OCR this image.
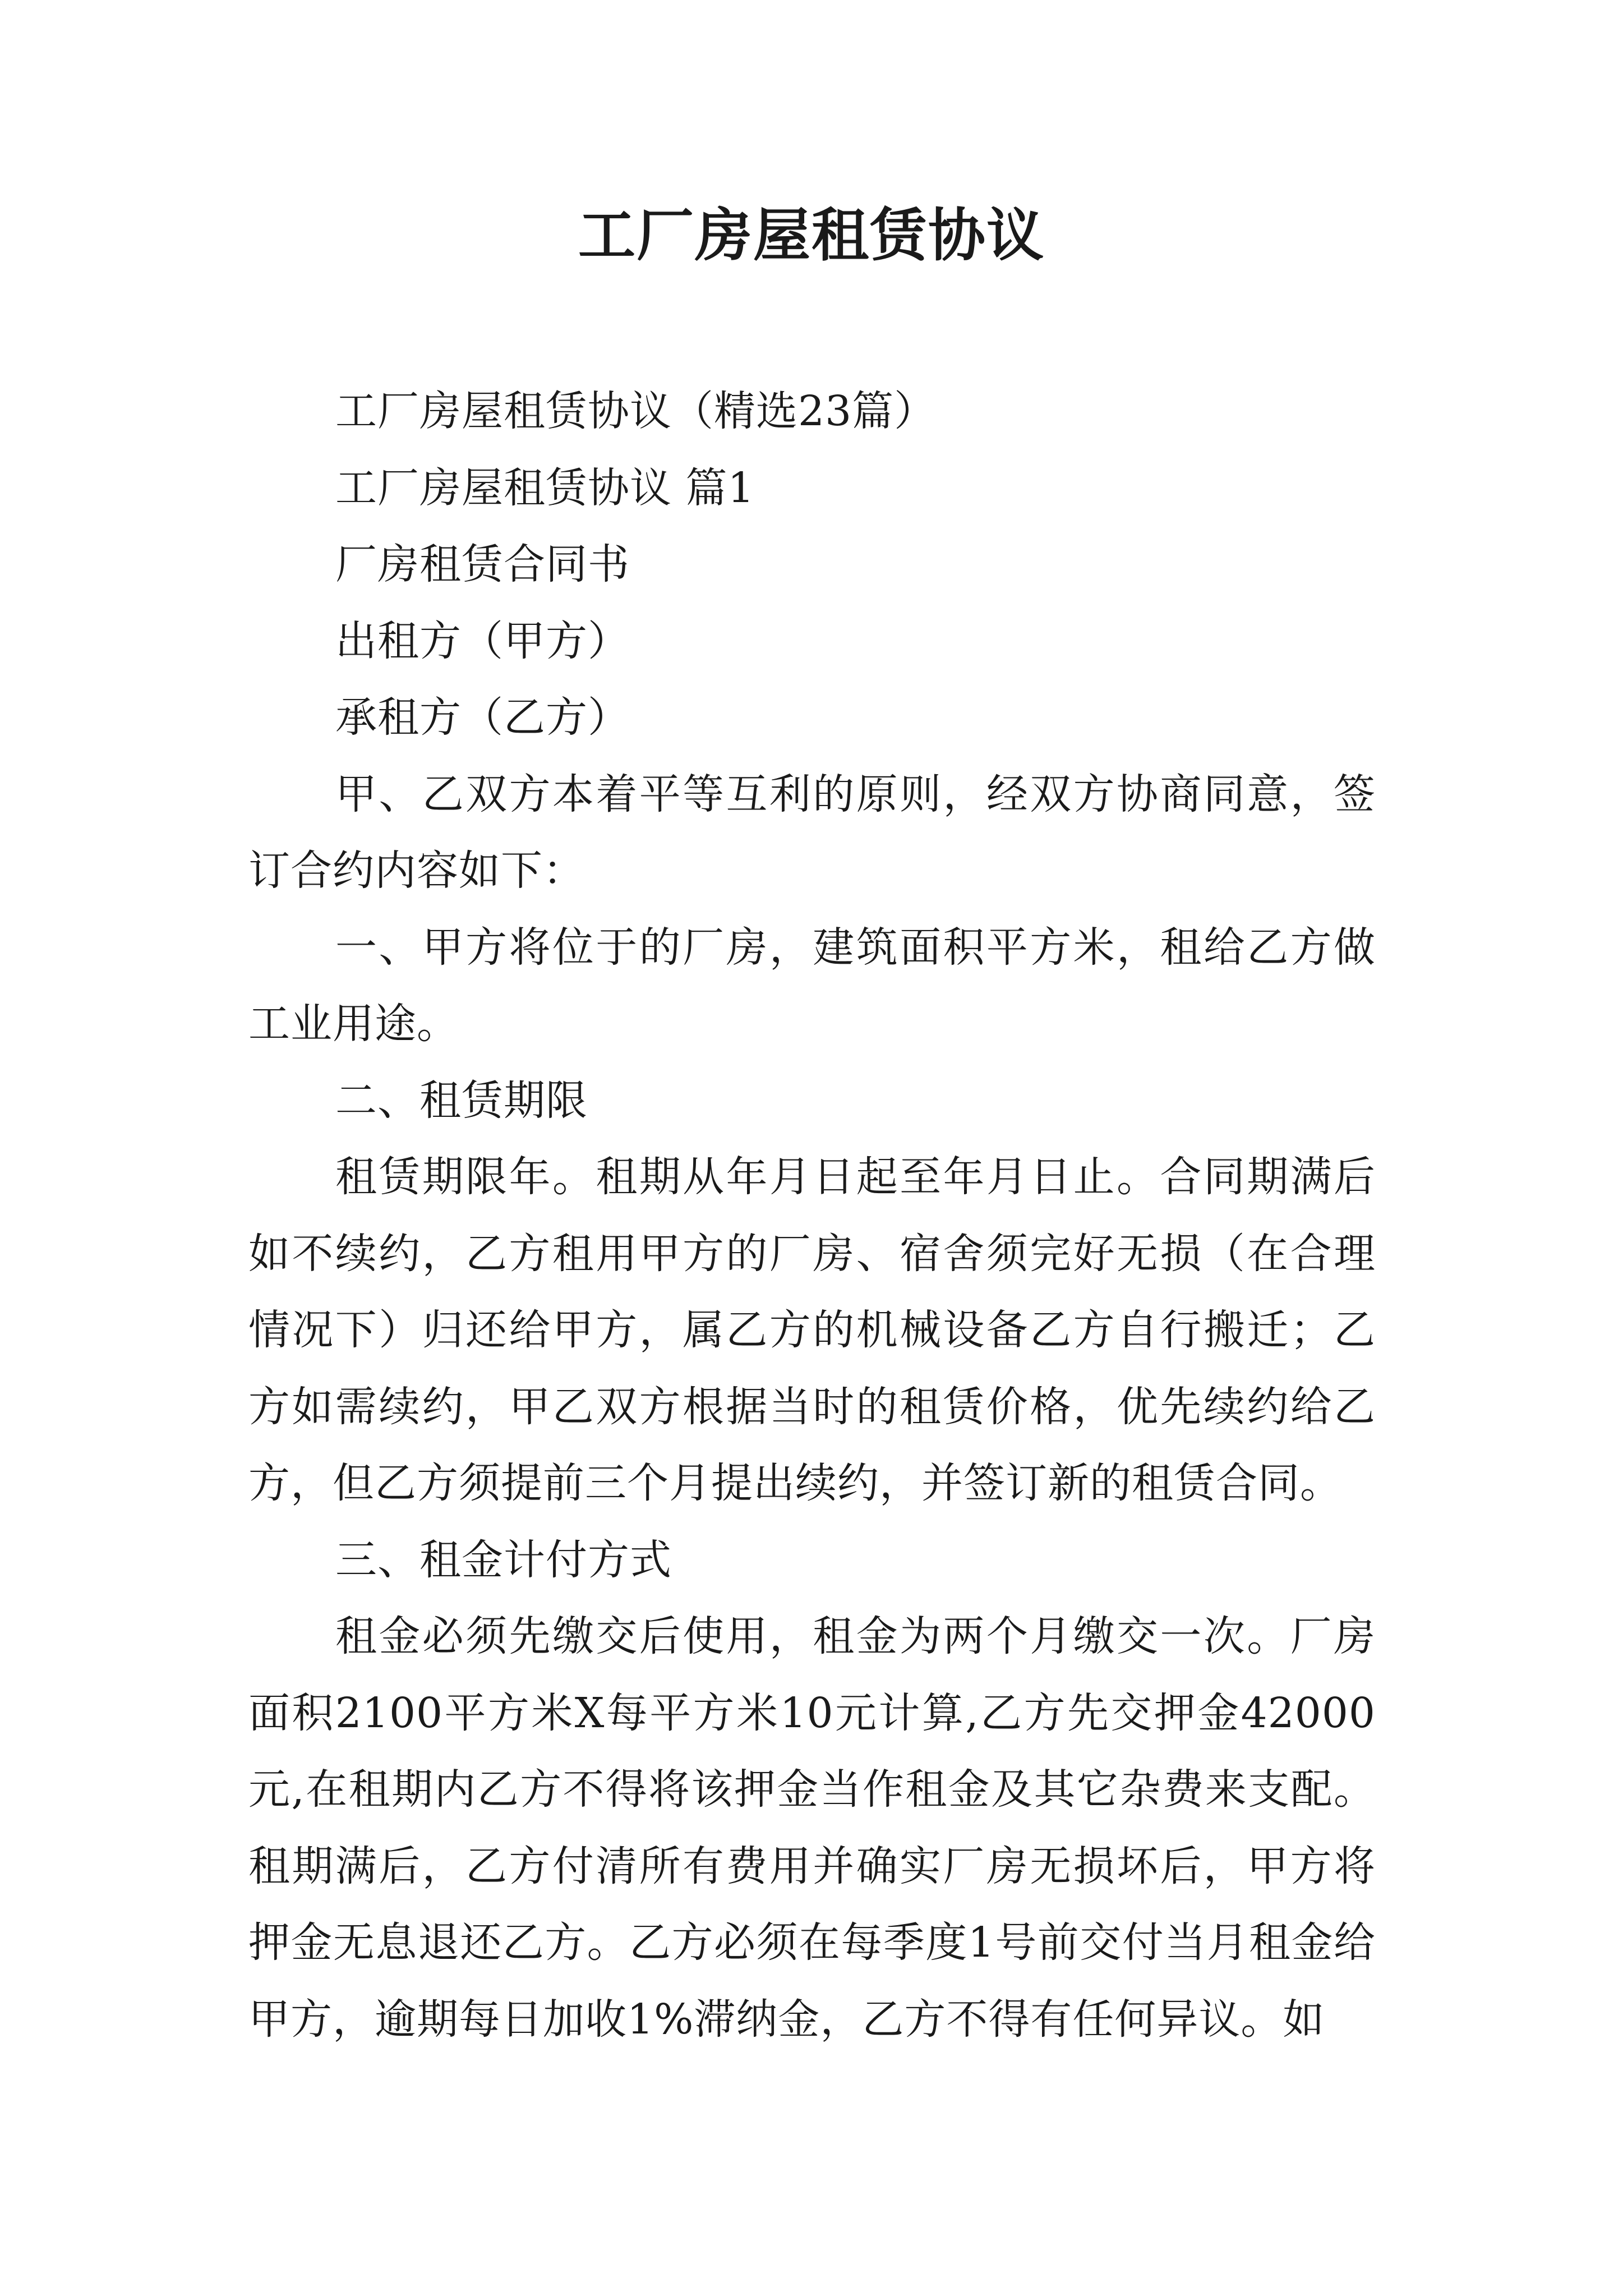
工厂房屋租赁协议

工厂房屋租赁协议（精选23篇）

工厂房屋租赁协议 篇1

厂房租赁合同书

出租方（甲方）

承租方（乙方）

甲、乙双方本着平等互利的原则，经双方协商同意，签订合约内容如下：

一、甲方将位于的厂房，建筑面积平方米，租给乙方做工业用途。

二、租赁期限

租赁期限年。租期从年月日起至年月日止。合同期满后如不续约，乙方租用甲方的厂房、宿舍须完好无损（在合理情况下）归还给甲方，属乙方的机械设备乙方自行搬迁；乙方如需续约，甲乙双方根据当时的租赁价格，优先续约给乙方，但乙方须提前三个月提出续约，并签订新的租赁合同。

三、租金计付方式

租金必须先缴交后使用，租金为两个月缴交一次。厂房面积2100平方米X每平方米10元计算,乙方先交押金42000元,在租期内乙方不得将该押金当作租金及其它杂费来支配。租期满后，乙方付清所有费用并确实厂房无损坏后，甲方将押金无息退还乙方。乙方必须在每季度1号前交付当月租金给甲方，逾期每日加收1%滞纳金，乙方不得有任何异议。如
